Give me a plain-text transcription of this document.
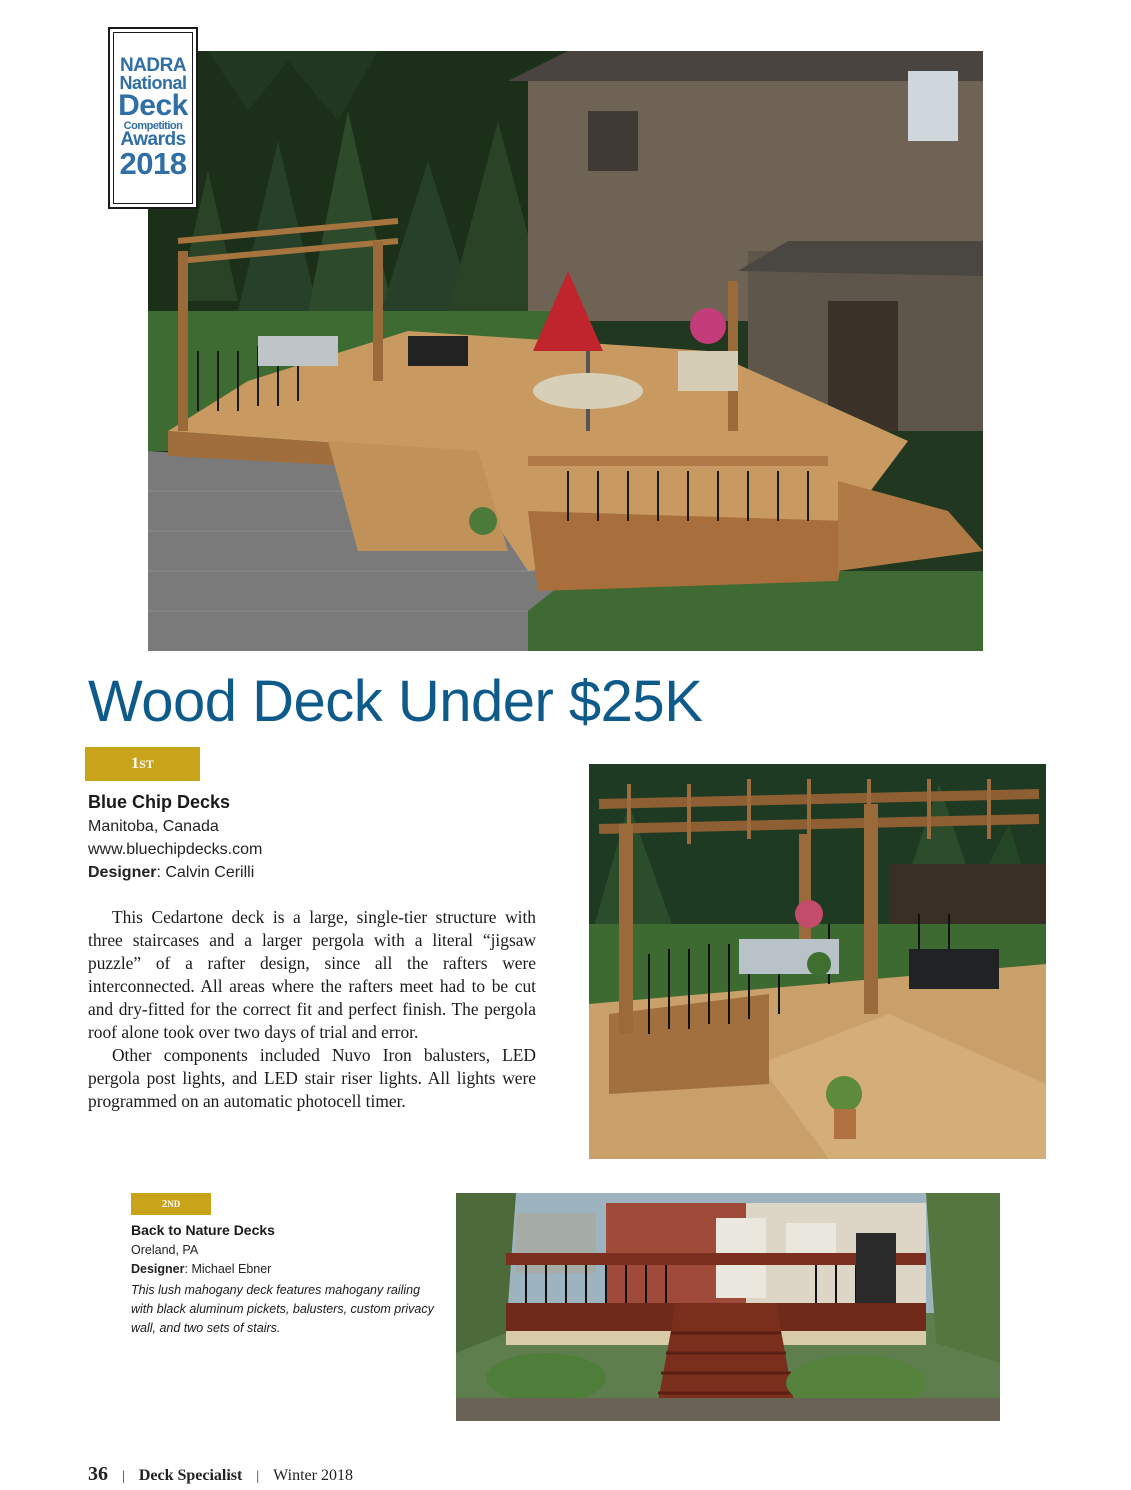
NADRA
National
Deck
Competition
Awards
2018
Wood Deck Under $25K
1 ST
Blue Chip Decks
Manitoba, Canada
www.bluechipdecks.com
Designer: Calvin Cerilli

This Cedartone deck is a large, single-tier structure with three staircases and a larger pergola with a literal “jigsaw puzzle” of a rafter design, since all the rafters were interconnected. All areas where the rafters meet had to be cut and dry-fitted for the correct fit and perfect finish. The pergola roof alone took over two days of trial and error.

Other components included Nuvo Iron balusters, LED pergola post lights, and LED stair riser lights. All lights were programmed on an automatic photocell timer.

2 ND
Back to Nature Decks
Oreland, PA
Designer: Michael Ebner

This lush mahogany deck features mahogany railing with black aluminum pickets, balusters, custom privacy wall, and two sets of stairs.

36 | Deck Specialist | Winter 2018
